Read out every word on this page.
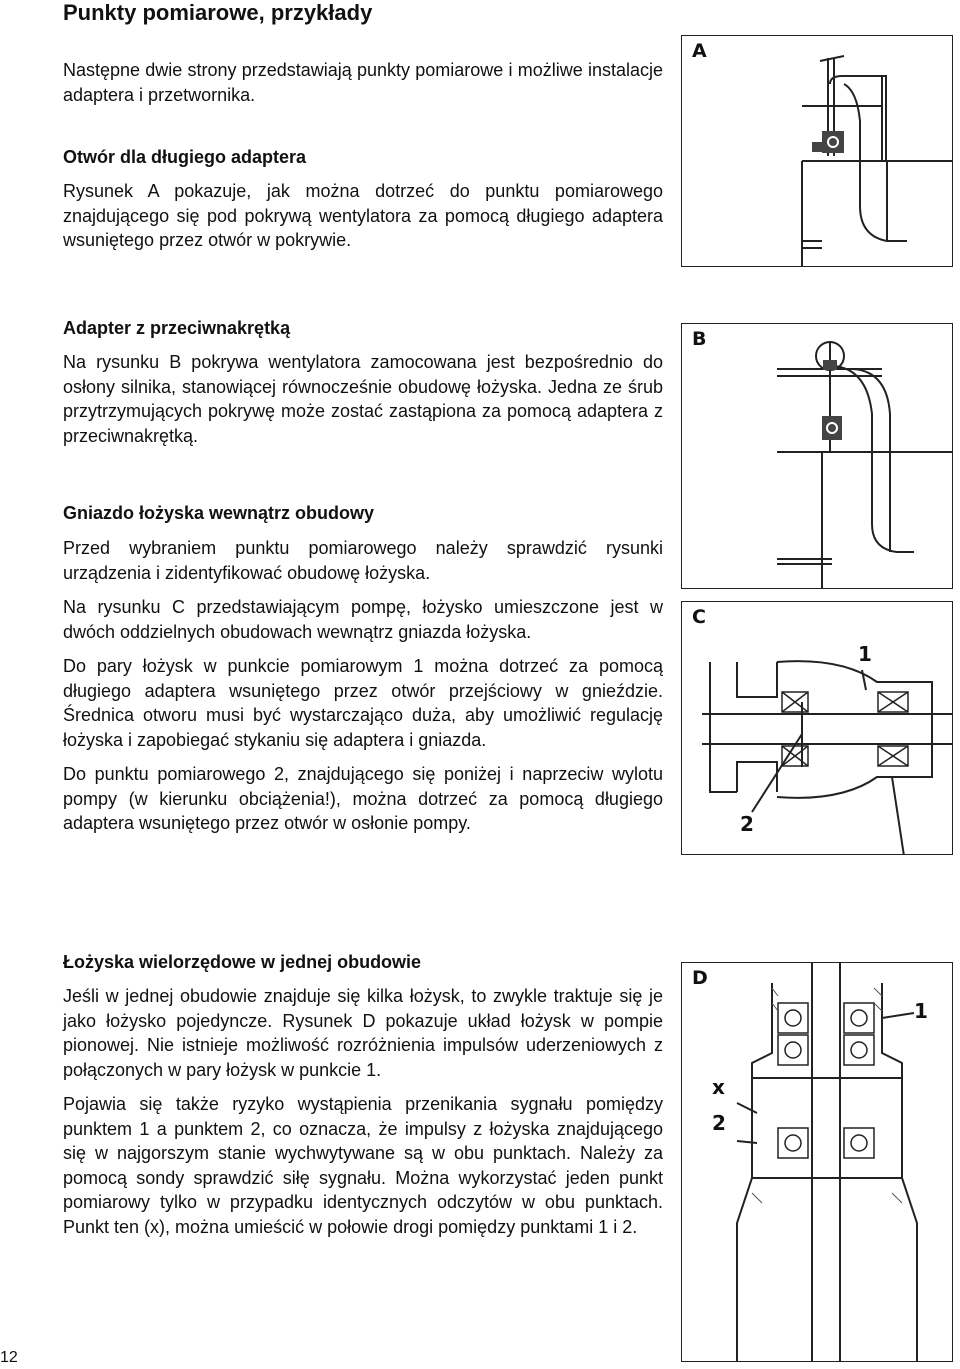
Punkty pomiarowe, przykłady

Następne dwie strony przedstawiają punkty pomiarowe i możliwe instalacje adaptera i przetwornika.

Otwór dla długiego adaptera

Rysunek A pokazuje, jak można dotrzeć do punktu pomiarowego znajdującego się pod pokrywą wentylatora za pomocą długiego adaptera wsuniętego przez otwór w pokrywie.

Adapter z przeciwnakrętką

Na rysunku B pokrywa wentylatora zamocowana jest bezpośrednio do osłony silnika, stanowiącej równocześnie obudowę łożyska. Jedna ze śrub przytrzymujących pokrywę może zostać zastąpiona za pomocą adaptera z przeciwnakrętką.

Gniazdo łożyska wewnątrz obudowy

Przed wybraniem punktu pomiarowego należy sprawdzić rysunki urządzenia i zidentyfikować obudowę łożyska.

Na rysunku C przedstawiającym pompę, łożysko umieszczone jest w dwóch oddzielnych obudowach wewnątrz gniazda łożyska.

Do pary łożysk w punkcie pomiarowym 1 można dotrzeć za pomocą długiego adaptera wsuniętego przez otwór przejściowy w gnieździe. Średnica otworu musi być wystarczająco duża, aby umożliwić regulację łożyska i zapobiegać stykaniu się adaptera i gniazda.

Do punktu pomiarowego 2, znajdującego się poniżej i naprzeciw wylotu pompy (w kierunku obciążenia!), można dotrzeć za pomocą długiego adaptera wsuniętego przez otwór w osłonie pompy.

Łożyska wielorzędowe w jednej obudowie

Jeśli w jednej obudowie znajduje się kilka łożysk, to zwykle traktuje się je jako łożysko pojedyncze. Rysunek D pokazuje układ łożysk w pompie pionowej. Nie istnieje możliwość rozróżnienia impulsów uderzeniowych z połączonych w pary łożysk w punkcie 1.

Pojawia się także ryzyko wystąpienia przenikania sygnału pomiędzy punktem 1 a punktem 2, co oznacza, że impulsy z łożyska znajdującego się w najgorszym stanie wychwytywane są w obu punktach. Należy za pomocą sondy sprawdzić siłę sygnału. Można wykorzystać jeden punkt pomiarowy tylko w przypadku identycznych odczytów w obu punktach. Punkt ten (x), można umieścić w połowie drogi pomiędzy punktami 1 i 2.

A
B
C
1
2
D
1
x
2
12
